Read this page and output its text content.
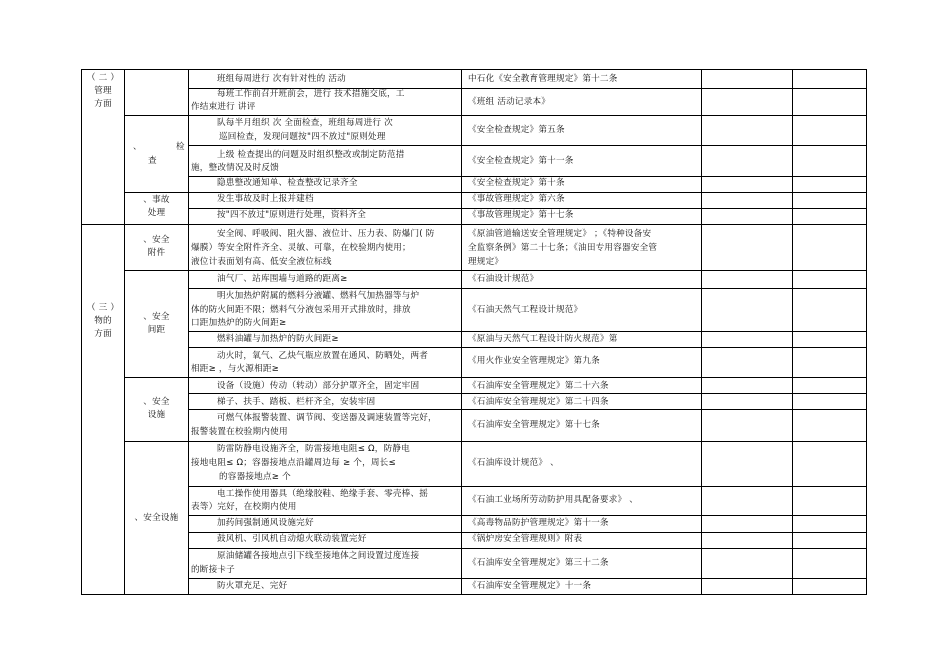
（ 二 ）
管理
方面
（ 三 ）
物的
方面
、	检
查
、事故
处理
、安全
附件
、安全
间距
、安全
设施
、安全设施
班组每周进行 次有针对性的 活动
每班工作前召开班前会，进行 技术措施交底，工
作结束进行 讲评
队每半月组织 次 全面检查，班组每周进行 次
巡回检查，发现问题按"四不放过"原则处理
上级 检查提出的问题及时组织整改或制定防范措
施，整改情况及时反馈
隐患整改通知单、检查整改记录齐全
发生事故及时上报并建档
按"四不放过"原则进行处理，资料齐全
安全阀、呼吸阀、阻火器、液位计、压力表、防爆门( 防
爆膜）等安全附件齐全、灵敏、可靠，在校验期内使用；
液位计表面划有高、低安全液位标线
油气厂、站库围墙与道路的距离≥
明火加热炉附属的燃料分液罐、燃料气加热器等与炉
体的防火间距不限；燃料气分液包采用开式排放时，排放
口距加热炉的防火间距≥
燃料油罐与加热炉的防火间距≥
动火时，氧气、乙炔气瓶应放置在通风、防晒处，两者
相距≥ ，与火源相距≥
设备（设施）传动（转动）部分护罩齐全，固定牢固
梯子、扶手、踏板、栏杆齐全，安装牢固
可燃气体报警装置、调节阀、变送器及调速装置等完好，
报警装置在校验期内使用
防雷防静电设施齐全，防雷接地电阻≤ Ω，防静电
接地电阻≤ Ω；容器接地点沿罐周边每 ≥ 个，周长≤
的容器接地点≥ 个
电工操作使用器具（绝缘胶鞋、绝缘手套、零壳棒、摇
表等）完好，在校期内使用
加药间强制通风设施完好
鼓风机、引风机自动熄火联动装置完好
原油储罐各接地点引下线至接地体之间设置过度连接
的断接卡子
防火罩充足、完好
中石化《安全教育管理规定》第十二条
《班组 活动记录本》
《安全检查规定》第五条
《安全检查规定》第十一条
《安全检查规定》第十条
《事故管理规定》第六条
《事故管理规定》第十七条
《原油管道输送安全管理规定》 ；《特种设备安
全监察条例》第二十七条；《油田专用容器安全管
理规定》
《石油设计规范》
《石油天然气工程设计规范》
《原油与天然气工程设计防火规范》第
《用火作业安全管理规定》第九条
《石油库安全管理规定》第二十六条
《石油库安全管理规定》第二十四条
《石油库安全管理规定》第十七条
《石油库设计规范》 、
《石油工业场所劳动防护用具配备要求》 、
《高毒物品防护管理规定》第十一条
《锅炉房安全管理规则》附表
《石油库安全管理规定》第三十二条
《石油库安全管理规定》十一条
